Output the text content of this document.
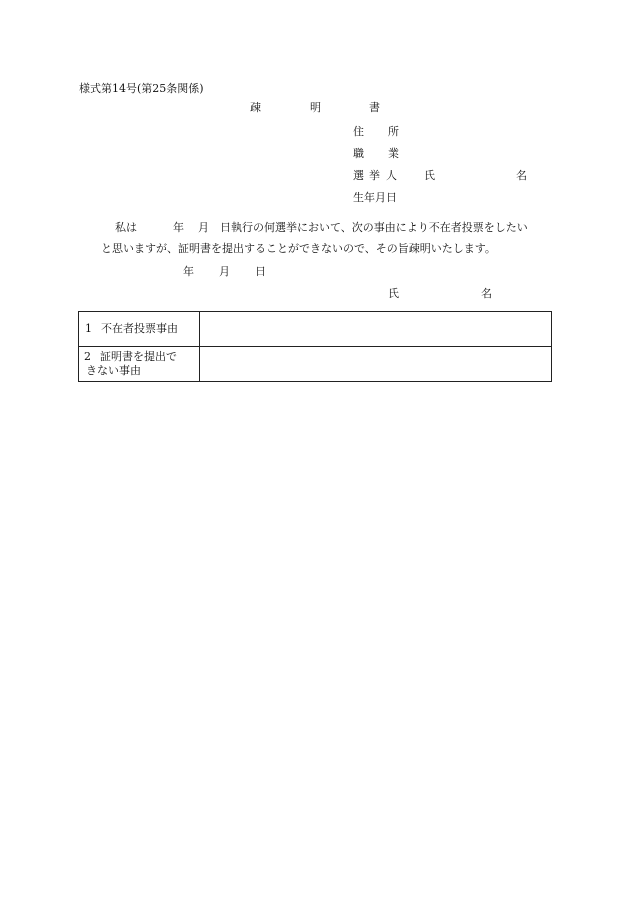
様式第14号(第25条関係)
疎	明	書
住 所
職 業
選 挙 人 氏	名
生年月日
私は	年 月 日執行の何選挙において、次の事由により不在者投票をしたい
と思いますが、証明書を提出することができないので、その旨疎明いたします。
年 月 日
氏	名
1 不在者投票事由	
2 証明書を提出で
きない事由	
